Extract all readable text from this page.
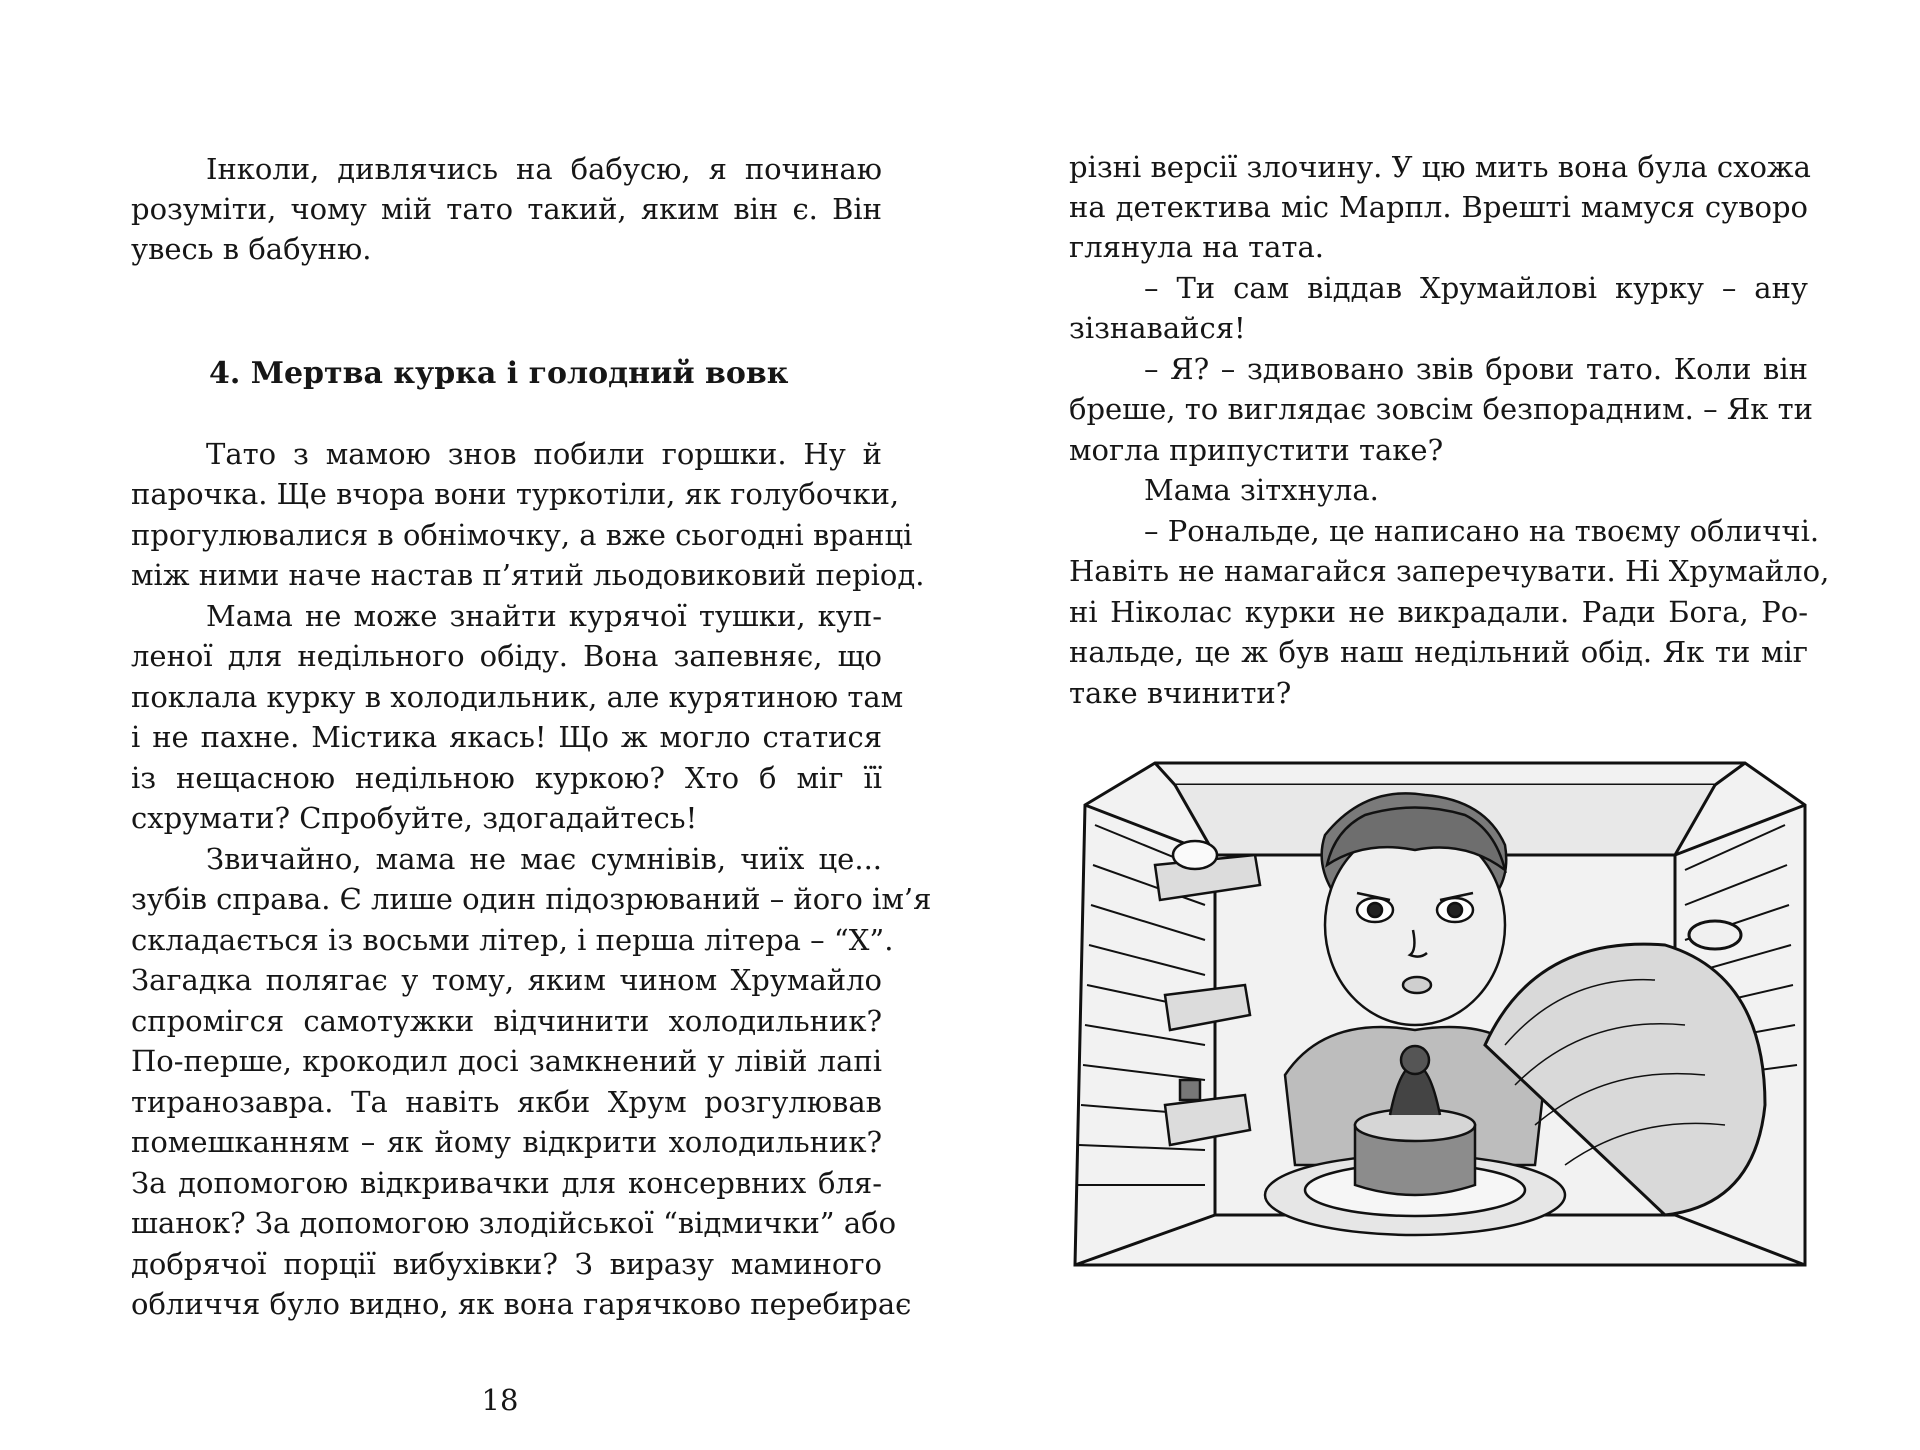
Інколи, дивлячись на бабусю, я починаю
розуміти, чому мій тато такий, яким він є. Він
увесь в бабуню.
4. Мертва курка і голодний вовк
Тато з мамою знов побили горшки. Ну й
парочка. Ще вчора вони туркотіли, як голубочки,
прогулювалися в обнімочку, а вже сьогодні вранці
між ними наче настав п’ятий льодовиковий період.
Мама не може знайти курячої тушки, куп-
леної для недільного обіду. Вона запевняє, що
поклала курку в холодильник, але курятиною там
і не пахне. Містика якась! Що ж могло статися
із нещасною недільною куркою? Хто б міг її
схрумати? Спробуйте, здогадайтесь!
Звичайно, мама не має сумнівів, чиїх це...
зубів справа. Є лише один підозрюваний – його ім’я
складається із восьми літер, і перша літера – “Х”.
Загадка полягає у тому, яким чином Хрумайло
спромігся самотужки відчинити холодильник?
По-перше, крокодил досі замкнений у лівій лапі
тиранозавра. Та навіть якби Хрум розгулював
помешканням – як йому відкрити холодильник?
За допомогою відкривачки для консервних бля-
шанок? За допомогою злодійської “відмички” або
добрячої порції вибухівки? З виразу маминого
обличчя було видно, як вона гарячково перебирає
18
різні версії злочину. У цю мить вона була схожа
на детектива міс Марпл. Врешті мамуся суворо
глянула на тата.
– Ти сам віддав Хрумайлові курку – ану
зізнавайся!
– Я? – здивовано звів брови тато. Коли він
бреше, то виглядає зовсім безпорадним. – Як ти
могла припустити таке?
Мама зітхнула.
– Рональде, це написано на твоєму обличчі.
Навіть не намагайся заперечувати. Ні Хрумайло,
ні Ніколас курки не викрадали. Ради Бога, Ро-
нальде, це ж був наш недільний обід. Як ти міг
таке вчинити?
